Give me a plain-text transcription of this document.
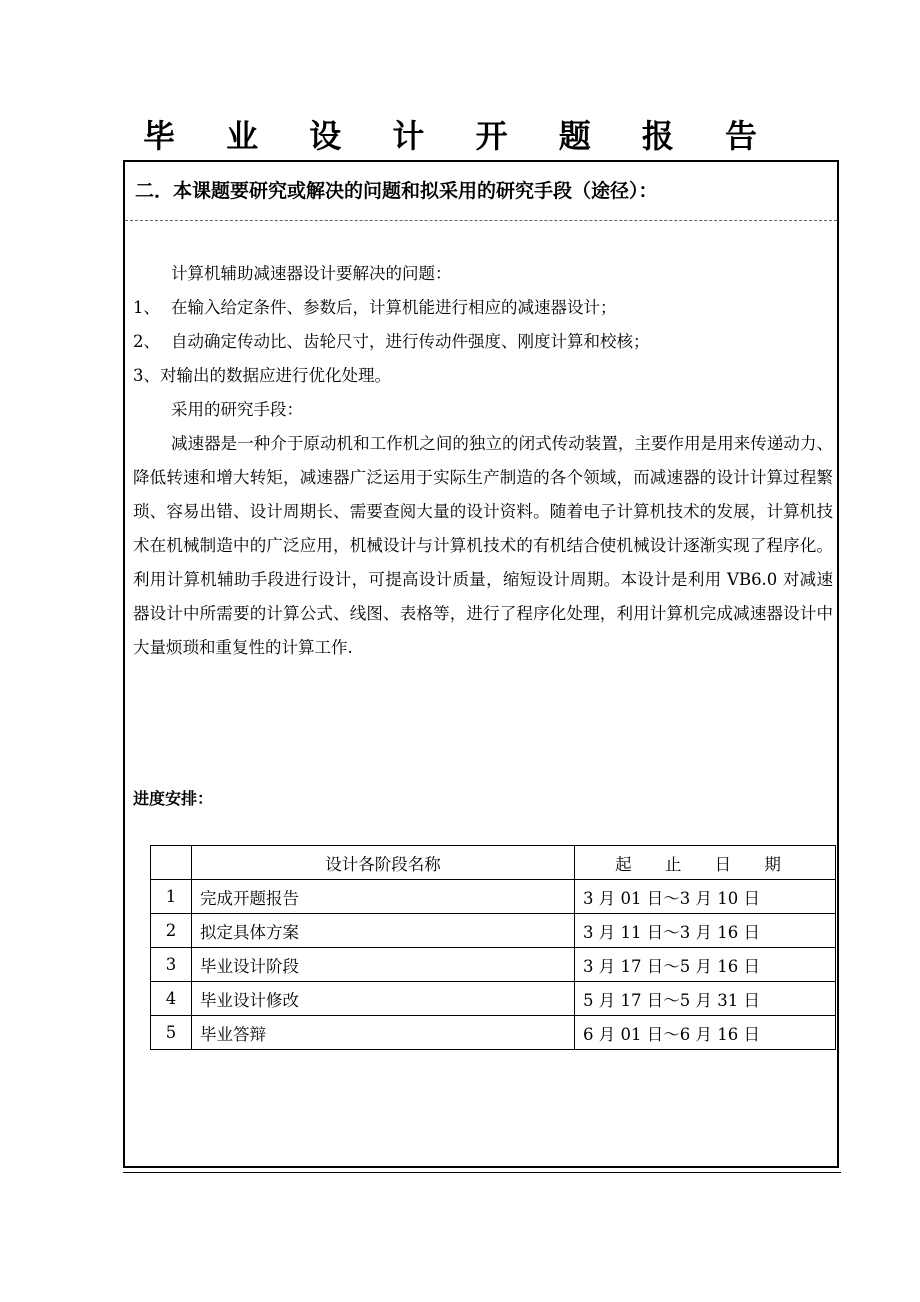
毕 业 设 计 开 题 报 告
二．本课题要研究或解决的问题和拟采用的研究手段（途径）：

计算机辅助减速器设计要解决的问题：

1、 在输入给定条件、参数后，计算机能进行相应的减速器设计；

2、 自动确定传动比、齿轮尺寸，进行传动件强度、刚度计算和校核；

3、对输出的数据应进行优化处理。

采用的研究手段：

减速器是一种介于原动机和工作机之间的独立的闭式传动装置，主要作用是用来传递动力、降低转速和增大转矩，减速器广泛运用于实际生产制造的各个领域，而减速器的设计计算过程繁琐、容易出错、设计周期长、需要查阅大量的设计资料。随着电子计算机技术的发展，计算机技术在机械制造中的广泛应用，机械设计与计算机技术的有机结合使机械设计逐渐实现了程序化。利用计算机辅助手段进行设计，可提高设计质量，缩短设计周期。本设计是利用 VB6.0 对减速器设计中所需要的计算公式、线图、表格等，进行了程序化处理，利用计算机完成减速器设计中大量烦琐和重复性的计算工作.

进度安排：
	设计各阶段名称	起 止 日 期
1	完成开题报告	3 月 01 日～3 月 10 日
2	拟定具体方案	3 月 11 日～3 月 16 日
3	毕业设计阶段	3 月 17 日～5 月 16 日
4	毕业设计修改	5 月 17 日～5 月 31 日
5	毕业答辩	6 月 01 日～6 月 16 日
